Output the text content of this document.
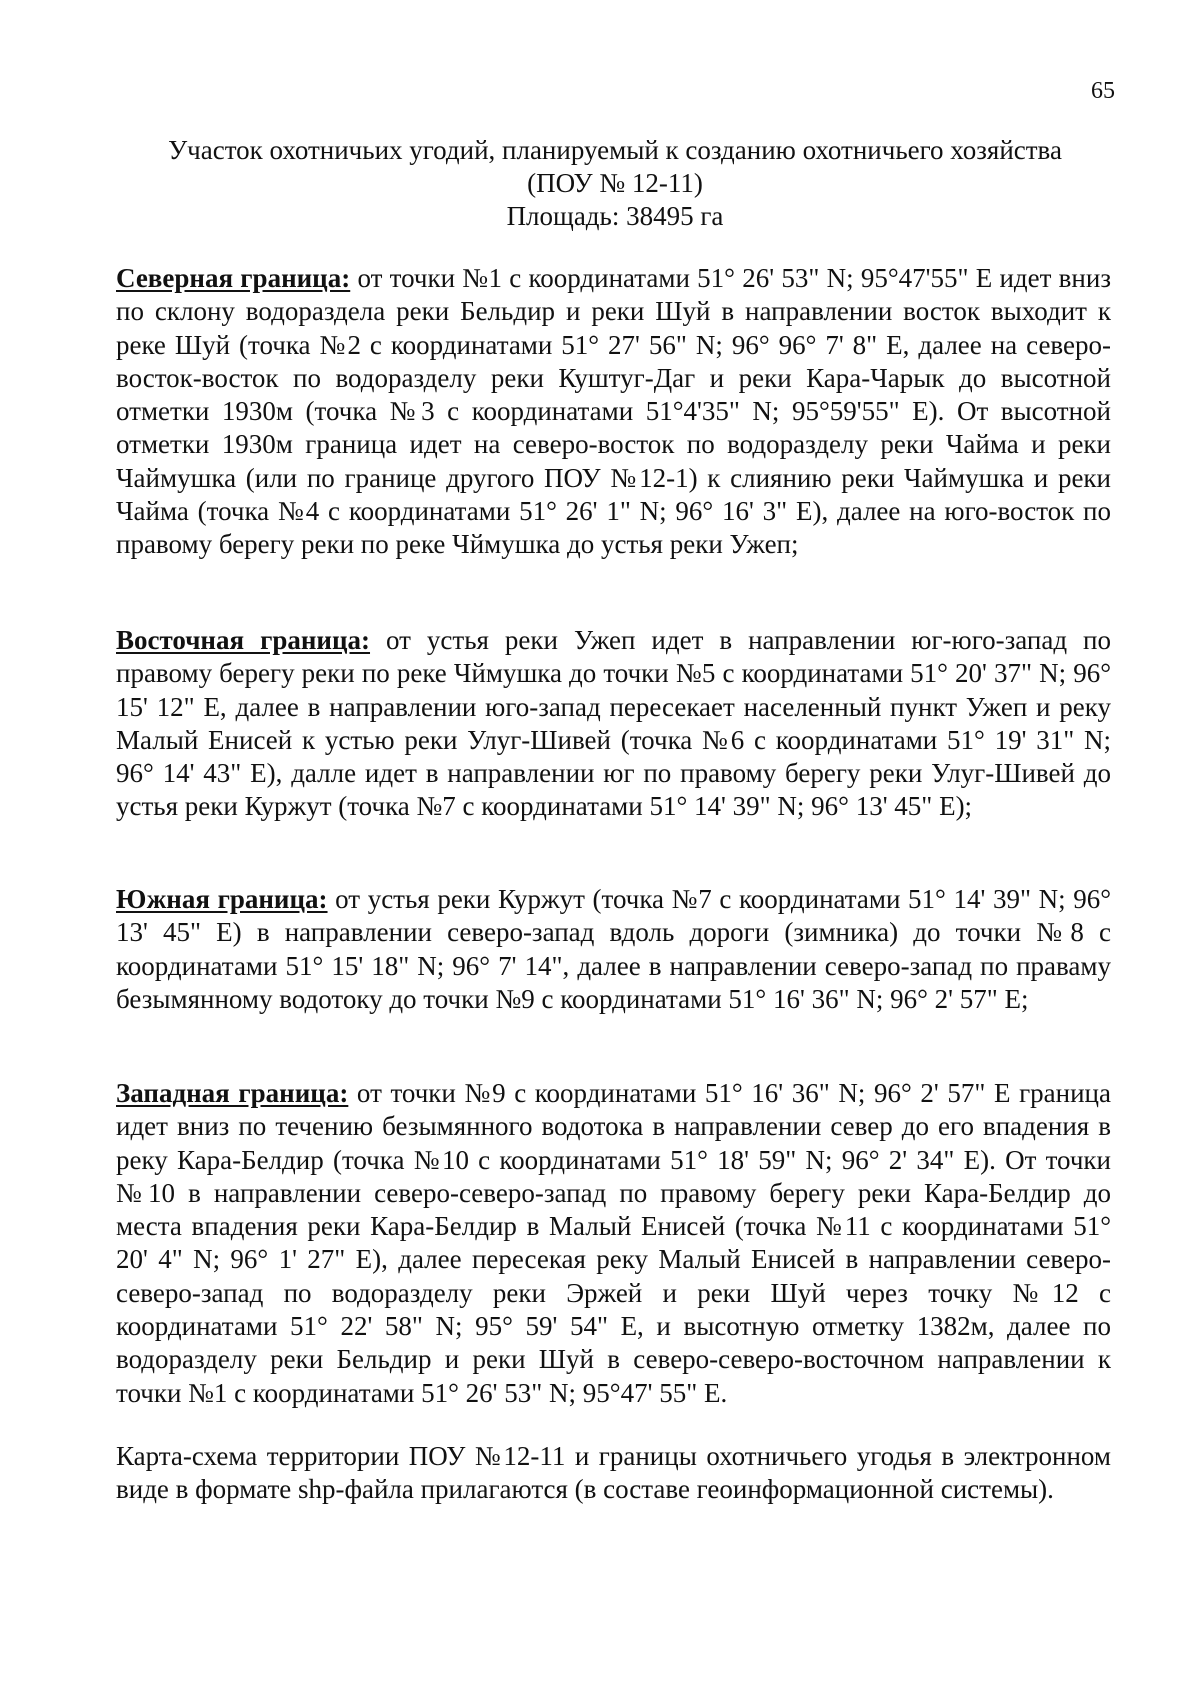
65
Участок охотничьих угодий, планируемый к созданию охотничьего хозяйства
(ПОУ № 12-11)
Площадь: 38495 га
Северная граница: от точки №1 с координатами 51° 26' 53" N; 95°47'55" Е идет вниз по склону водораздела реки Бельдир и реки Шуй в направлении восток выходит к реке Шуй (точка №2 с координатами 51° 27' 56" N; 96° 96° 7' 8" Е, далее на северо-восток-восток по водоразделу реки Куштуг-Даг и реки Кара-Чарык до высотной отметки 1930м (точка №3 с координатами 51°4'35" N; 95°59'55" Е). От высотной отметки 1930м граница идет на северо-восток по водоразделу реки Чайма и реки Чаймушка (или по границе другого ПОУ №12-1) к слиянию реки Чаймушка и реки Чайма (точка №4 с координатами 51° 26' 1" N; 96° 16' 3" Е), далее на юго-восток по правому берегу реки по реке Чймушка до устья реки Ужеп;
Восточная граница: от устья реки Ужеп идет в направлении юг-юго-запад по правому берегу реки по реке Чймушка до точки №5 с координатами 51° 20' 37" N; 96° 15' 12" Е, далее в направлении юго-запад пересекает населенный пункт Ужеп и реку Малый Енисей к устью реки Улуг-Шивей (точка №6 с координатами 51° 19' 31" N; 96° 14' 43" Е), далле идет в направлении юг по правому берегу реки Улуг-Шивей до устья реки Куржут (точка №7 с координатами 51° 14' 39" N; 96° 13' 45" Е);
Южная граница: от устья реки Куржут (точка №7 с координатами 51° 14' 39" N; 96° 13' 45" Е) в направлении северо-запад вдоль дороги (зимника) до точки №8 с координатами 51° 15' 18" N; 96° 7' 14", далее в направлении северо-запад по праваму безымянному водотоку до точки №9 с координатами 51° 16' 36" N; 96° 2' 57" Е;
Западная граница: от точки №9 с координатами 51° 16' 36" N; 96° 2' 57" Е граница идет вниз по течению безымянного водотока в направлении север до его впадения в реку Кара-Белдир (точка №10 с координатами 51° 18' 59" N; 96° 2' 34" Е). От точки №10 в направлении северо-северо-запад по правому берегу реки Кара-Белдир до места впадения реки Кара-Белдир в Малый Енисей (точка №11 с координатами 51° 20' 4" N; 96° 1' 27" Е), далее пересекая реку Малый Енисей в направлении северо-северо-запад по водоразделу реки Эржей и реки Шуй через точку №12 с координатами 51° 22' 58" N; 95° 59' 54" Е, и высотную отметку 1382м, далее по водоразделу реки Бельдир и реки Шуй в северо-северо-восточном направлении к точки №1 с координатами 51° 26' 53" N; 95°47' 55" Е.
Карта-схема территории ПОУ №12-11 и границы охотничьего угодья в электронном виде в формате shp-файла прилагаются (в составе геоинформационной системы).
